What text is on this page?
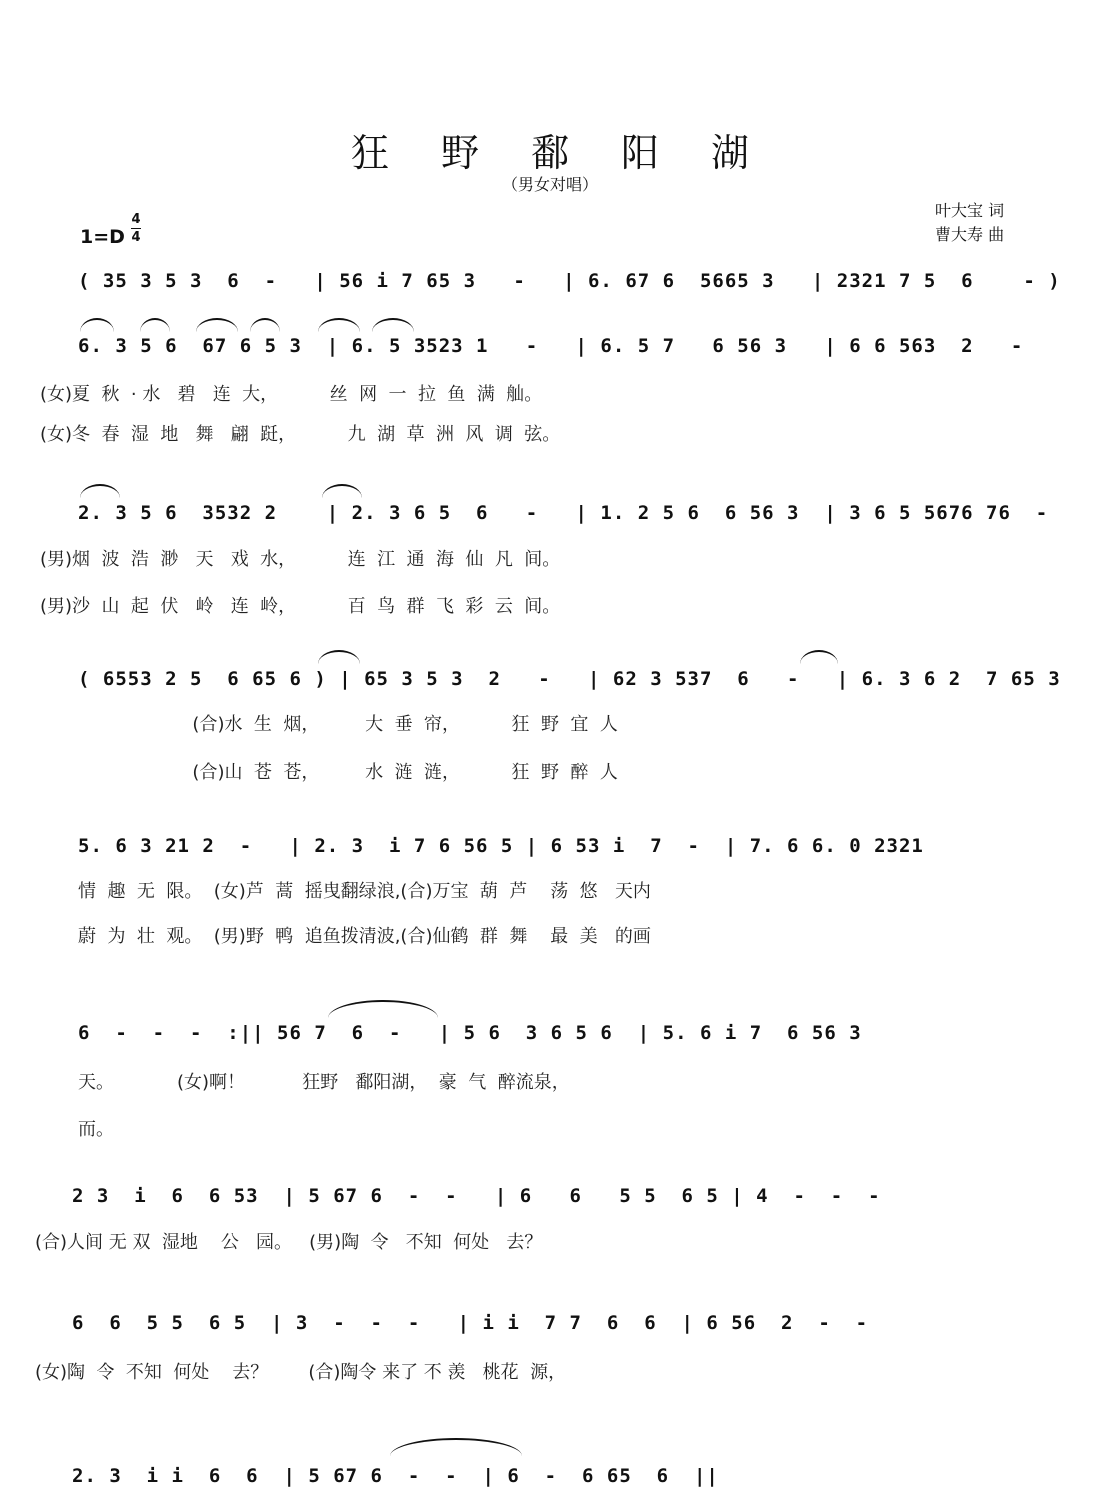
狂野鄱阳湖
（男女对唱）
叶大宝 词
曹大寿 曲
1=D
4
4
( 35 3 5 3  6  -   | 56 i 7 65 3   -   | 6. 67 6  5665 3   | 2321 7 5  6    - )
6. 3 5 6  67 6 5 3  | 6. 5 3523 1   -   | 6. 5 7   6 56 3   | 6 6 563  2   -
(女)夏  秋  · 水   碧   连  大，         丝  网  一  拉  鱼  满  舢。
(女)冬  春  湿  地   舞   翩  跹，         九  湖  草  洲  风  调  弦。
2. 3 5 6  3532 2    | 2. 3 6 5  6   -   | 1. 2 5 6  6 56 3  | 3 6 5 5676 76  -
(男)烟  波  浩  渺   天   戏  水，         连  江  通  海  仙  凡  间。
(男)沙  山  起  伏   岭   连  岭，         百  鸟  群  飞  彩  云  间。
( 6553 2 5  6 65 6 ) | 65 3 5 3  2   -   | 62 3 537  6   -   | 6. 3 6 2  7 65 3
(合)水  生  烟，        大  垂  帘，         狂  野  宜  人
(合)山  苍  苍，        水  涟  涟，         狂  野  醉  人
5. 6 3 21 2  -   | 2. 3  i 7 6 56 5 | 6 53 i  7  -  | 7. 6 6. 0 2321
情  趣  无  限。  (女)芦  蒿  摇曳翻绿浪,(合)万宝  葫  芦    荡  悠   天内
蔚  为  壮  观。  (男)野  鸭  追鱼拨清波,(合)仙鹤  群  舞    最  美   的画
6  -  -  -  :|| 56 7  6  -   | 5 6  3 6 5 6  | 5. 6 i 7  6 56 3
天。           (女)啊！          狂野   鄱阳湖，  豪  气  醉流泉，
而。
2 3  i  6  6 53  | 5 67 6  -  -   | 6   6   5 5  6 5 | 4  -  -  -
(合)人间 无 双  湿地    公   园。   (男)陶  令   不知  何处   去？
6  6  5 5  6 5  | 3  -  -  -   | i i  7 7  6  6  | 6 56  2  -  -
(女)陶  令  不知  何处    去？       (合)陶令 来了 不 羡   桃花  源，
2. 3  i i  6  6  | 5 67 6  -  -  | 6  -  6 65  6  ||
